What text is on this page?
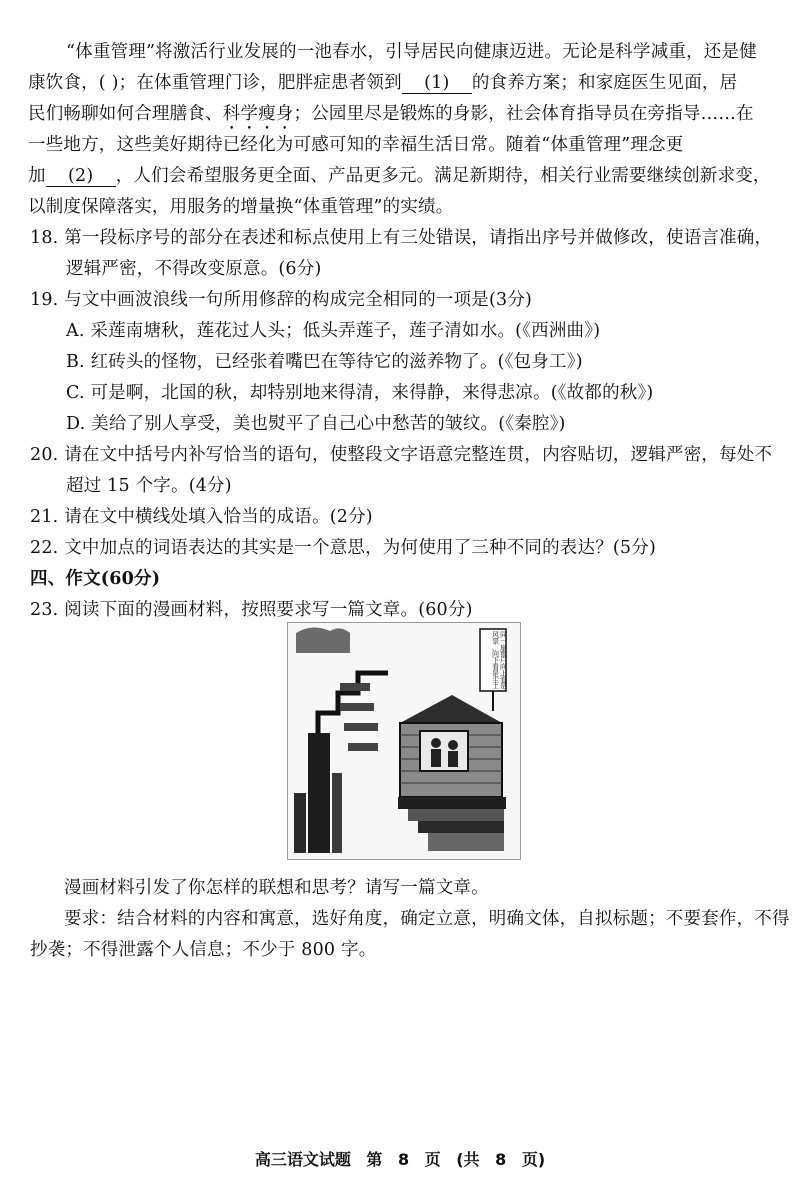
“体重管理”将激活行业发展的一池春水，引导居民向健康迈进。无论是科学减重，还是健
康饮食，( )；在体重管理门诊，肥胖症患者领到 (1) 的食养方案；和家庭医生见面，居
民们畅聊如何合理膳食、科学瘦身；公园里尽是锻炼的身影，社会体育指导员在旁指导……在
一些地方，这些美好期待已经化为可感可知的幸福生活日常。随着“体重管理”理念更
加 (2) ，人们会希望服务更全面、产品更多元。满足新期待，相关行业需要继续创新求变，
以制度保障落实，用服务的增量换“体重管理”的实绩。
18. 第一段标序号的部分在表述和标点使用上有三处错误，请指出序号并做修改，使语言准确，
逻辑严密，不得改变原意。(6分)
19. 与文中画波浪线一句所用修辞的构成完全相同的一项是(3分)
A. 采莲南塘秋，莲花过人头；低头弄莲子，莲子清如水。(《西洲曲》)
B. 红砖头的怪物，已经张着嘴巴在等待它的滋养物了。(《包身工》)
C. 可是啊，北国的秋，却特别地来得清，来得静，来得悲凉。(《故都的秋》)
D. 美给了别人享受，美也熨平了自己心中愁苦的皱纹。(《秦腔》)
20. 请在文中括号内补写恰当的语句，使整段文字语意完整连贯，内容贴切，逻辑严密，每处不
超过 15 个字。(4分)
21. 请在文中横线处填入恰当的成语。(2分)
22. 文中加点的词语表达的其实是一个意思，为何使用了三种不同的表达？(5分)
四、作文(60分)
23. 阅读下面的漫画材料，按照要求写一篇文章。(60分)
同一扇窗户向上看是风景，向下看是尘土
漫画材料引发了你怎样的联想和思考？请写一篇文章。
要求：结合材料的内容和寓意，选好角度，确定立意，明确文体，自拟标题；不要套作，不得
抄袭；不得泄露个人信息；不少于 800 字。
高三语文试题 第 8 页 (共 8 页)
